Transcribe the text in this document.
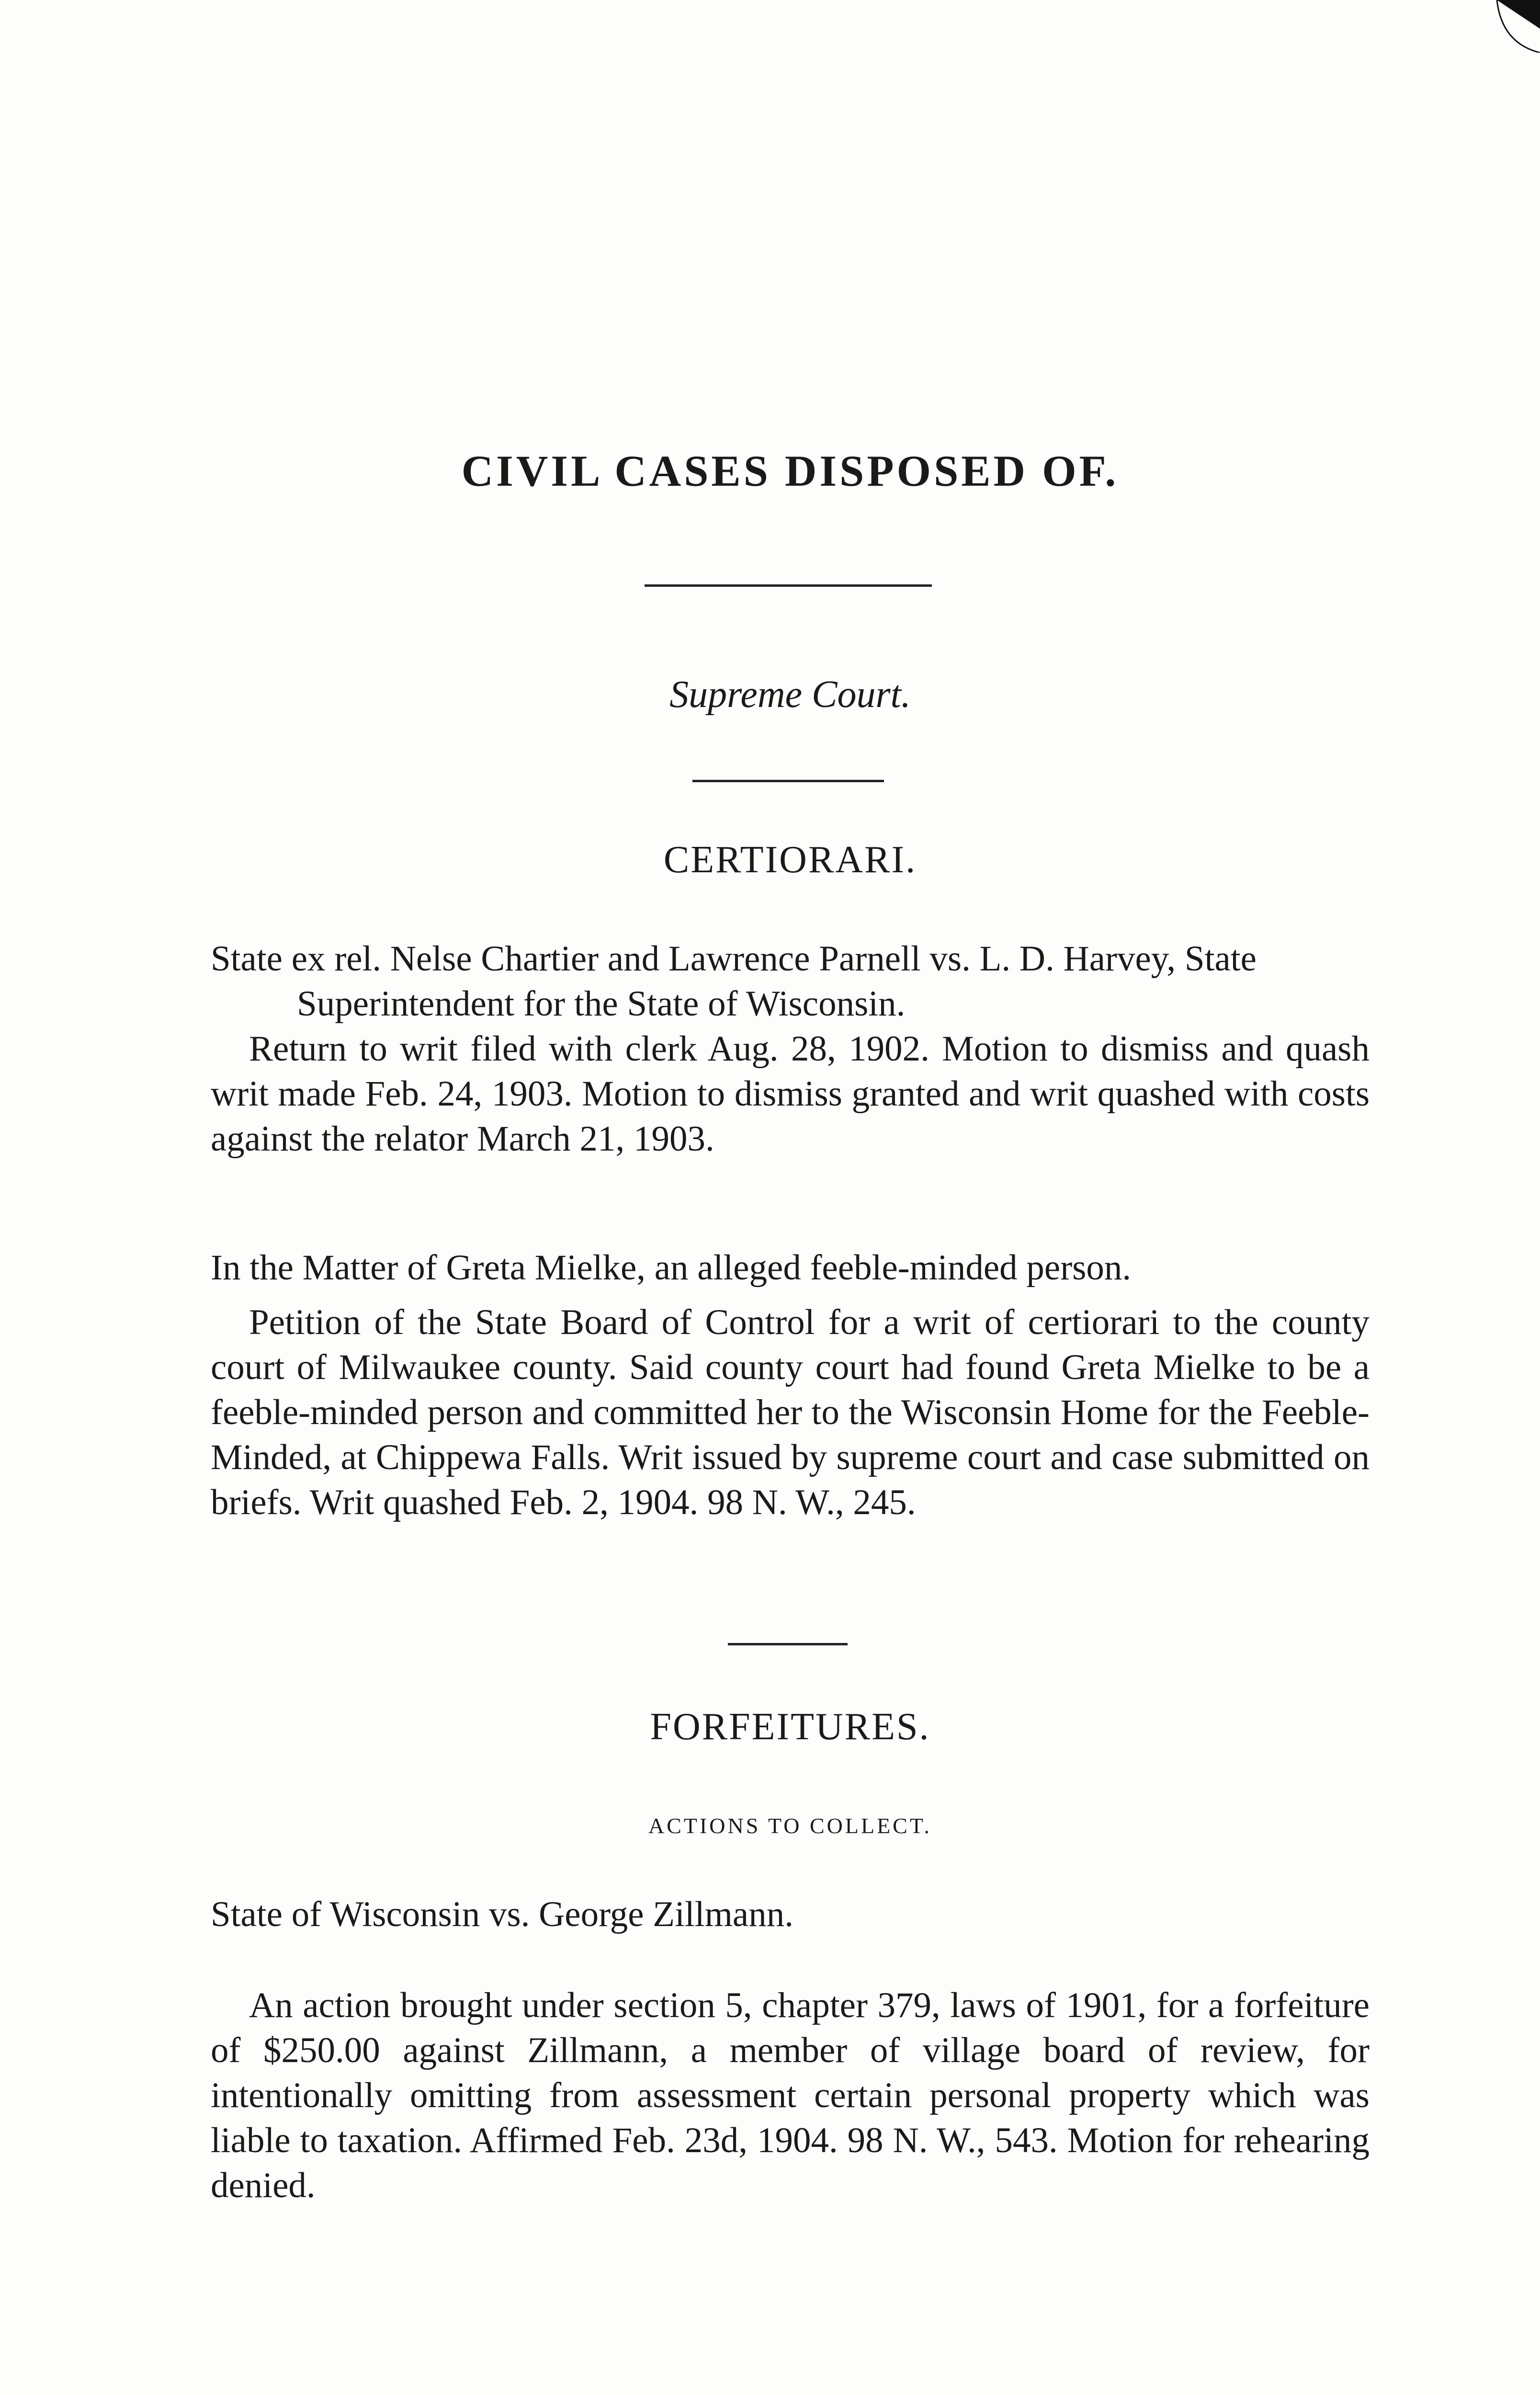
CIVIL CASES DISPOSED OF.
Supreme Court.
CERTIORARI.
State ex rel. Nelse Chartier and Lawrence Parnell vs. L. D. Harvey, State Superintendent for the State of Wisconsin.
Return to writ filed with clerk Aug. 28, 1902. Motion to dismiss and quash writ made Feb. 24, 1903. Motion to dismiss granted and writ quashed with costs against the relator March 21, 1903.
In the Matter of Greta Mielke, an alleged feeble-minded person.
Petition of the State Board of Control for a writ of certiorari to the county court of Milwaukee county. Said county court had found Greta Mielke to be a feeble-minded person and committed her to the Wisconsin Home for the Feeble-Minded, at Chippewa Falls. Writ issued by supreme court and case submitted on briefs. Writ quashed Feb. 2, 1904. 98 N. W., 245.
FORFEITURES.
ACTIONS TO COLLECT.
State of Wisconsin vs. George Zillmann.
An action brought under section 5, chapter 379, laws of 1901, for a forfeiture of $250.00 against Zillmann, a member of village board of review, for intentionally omitting from assessment certain personal property which was liable to taxation. Affirmed Feb. 23d, 1904. 98 N. W., 543. Motion for rehearing denied.
